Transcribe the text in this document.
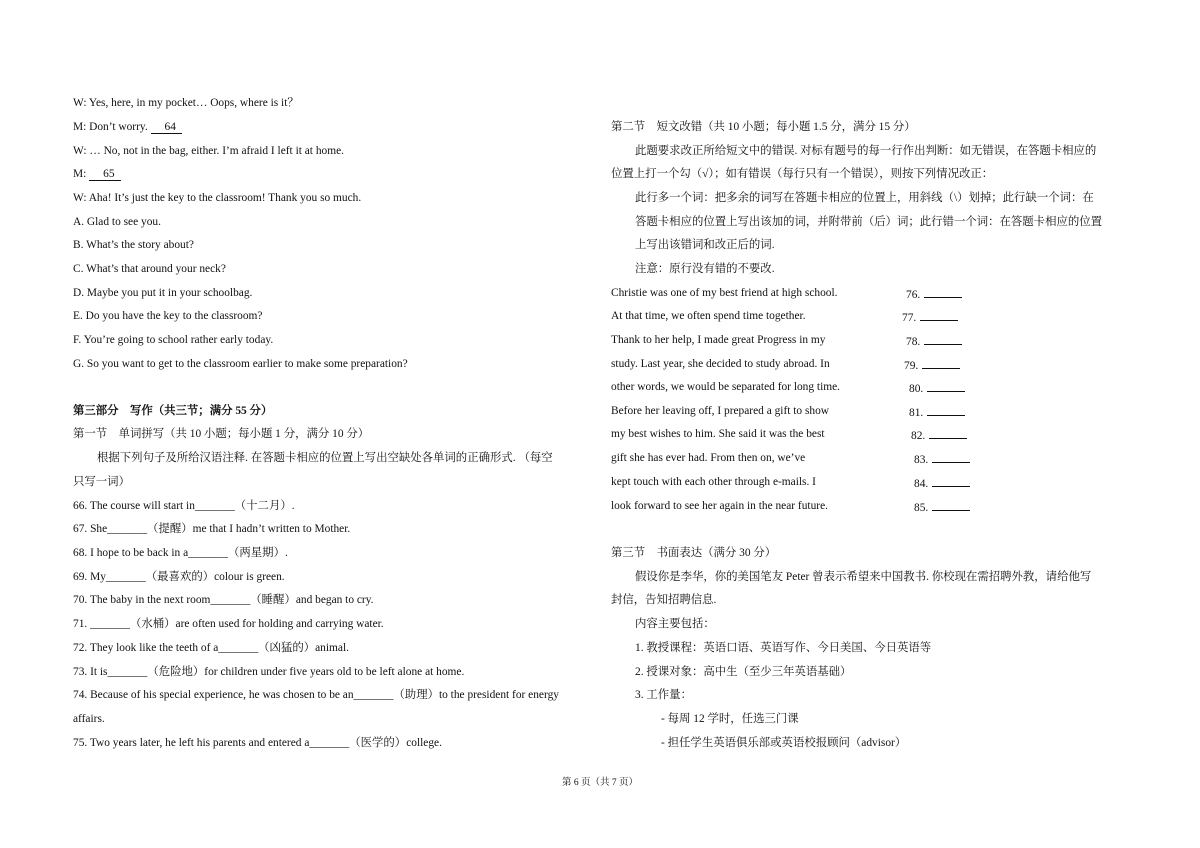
W: Yes, here, in my pocket… Oops, where is it？
M: Don’t worry. 64
W: … No, not in the bag, either. I’m afraid I left it at home.
M: 65
W: Aha! It’s just the key to the classroom! Thank you so much.
A. Glad to see you.
B. What’s the story about?
C. What’s that around your neck?
D. Maybe you put it in your schoolbag.
E. Do you have the key to the classroom?
F. You’re going to school rather early today.
G. So you want to get to the classroom earlier to make some preparation?
第三部分　写作（共三节；满分 55 分）
第一节　单词拼写（共 10 小题；每小题 1 分，满分 10 分）
根据下列句子及所给汉语注释. 在答题卡相应的位置上写出空缺处各单词的正确形式. （每空
只写一词）
66. The course will start in_______（十二月）.
67. She_______（提醒）me that I hadn’t written to Mother.
68. I hope to be back in a_______（两星期）.
69. My_______（最喜欢的）colour is green.
70. The baby in the next room_______（睡醒）and began to cry.
71. _______（水桶）are often used for holding and carrying water.
72. They look like the teeth of a_______（凶猛的）animal.
73. It is_______（危险地）for children under five years old to be left alone at home.
74. Because of his special experience, he was chosen to be an_______（助理）to the president for energy
affairs.
75. Two years later, he left his parents and entered a_______（医学的）college.
第二节　短文改错（共 10 小题；每小题 1.5 分，满分 15 分）
此题要求改正所给短文中的错误. 对标有题号的每一行作出判断：如无错误，在答题卡相应的
位置上打一个勾（√）；如有错误（每行只有一个错误），则按下列情况改正：
此行多一个词：把多余的词写在答题卡相应的位置上，用斜线（\）划掉；此行缺一个词：在
答题卡相应的位置上写出该加的词，并附带前（后）词；此行错一个词：在答题卡相应的位置
上写出该错词和改正后的词.
注意：原行没有错的不要改.
Christie was one of my best friend at high school.	76.
At that time, we often spend time together.	77.
Thank to her help, I made great Progress in my	78.
study. Last year, she decided to study abroad. In	79.
other words, we would be separated for long time.	80.
Before her leaving off, I prepared a gift to show	81.
my best wishes to him. She said it was the best	82.
gift she has ever had. From then on, we’ve	83.
kept touch with each other through e-mails. I	84.
look forward to see her again in the near future.	85.
第三节　书面表达（满分 30 分）
假设你是李华，你的美国笔友 Peter 曾表示希望来中国教书. 你校现在需招聘外教，请给他写
封信，告知招聘信息.
内容主要包括：
1. 教授课程：英语口语、英语写作、今日美国、今日英语等
2. 授课对象：高中生（至少三年英语基础）
3. 工作量：
- 每周 12 学时，任选三门课
- 担任学生英语俱乐部或英语校报顾问（advisor）
第 6 页（共 7 页）
